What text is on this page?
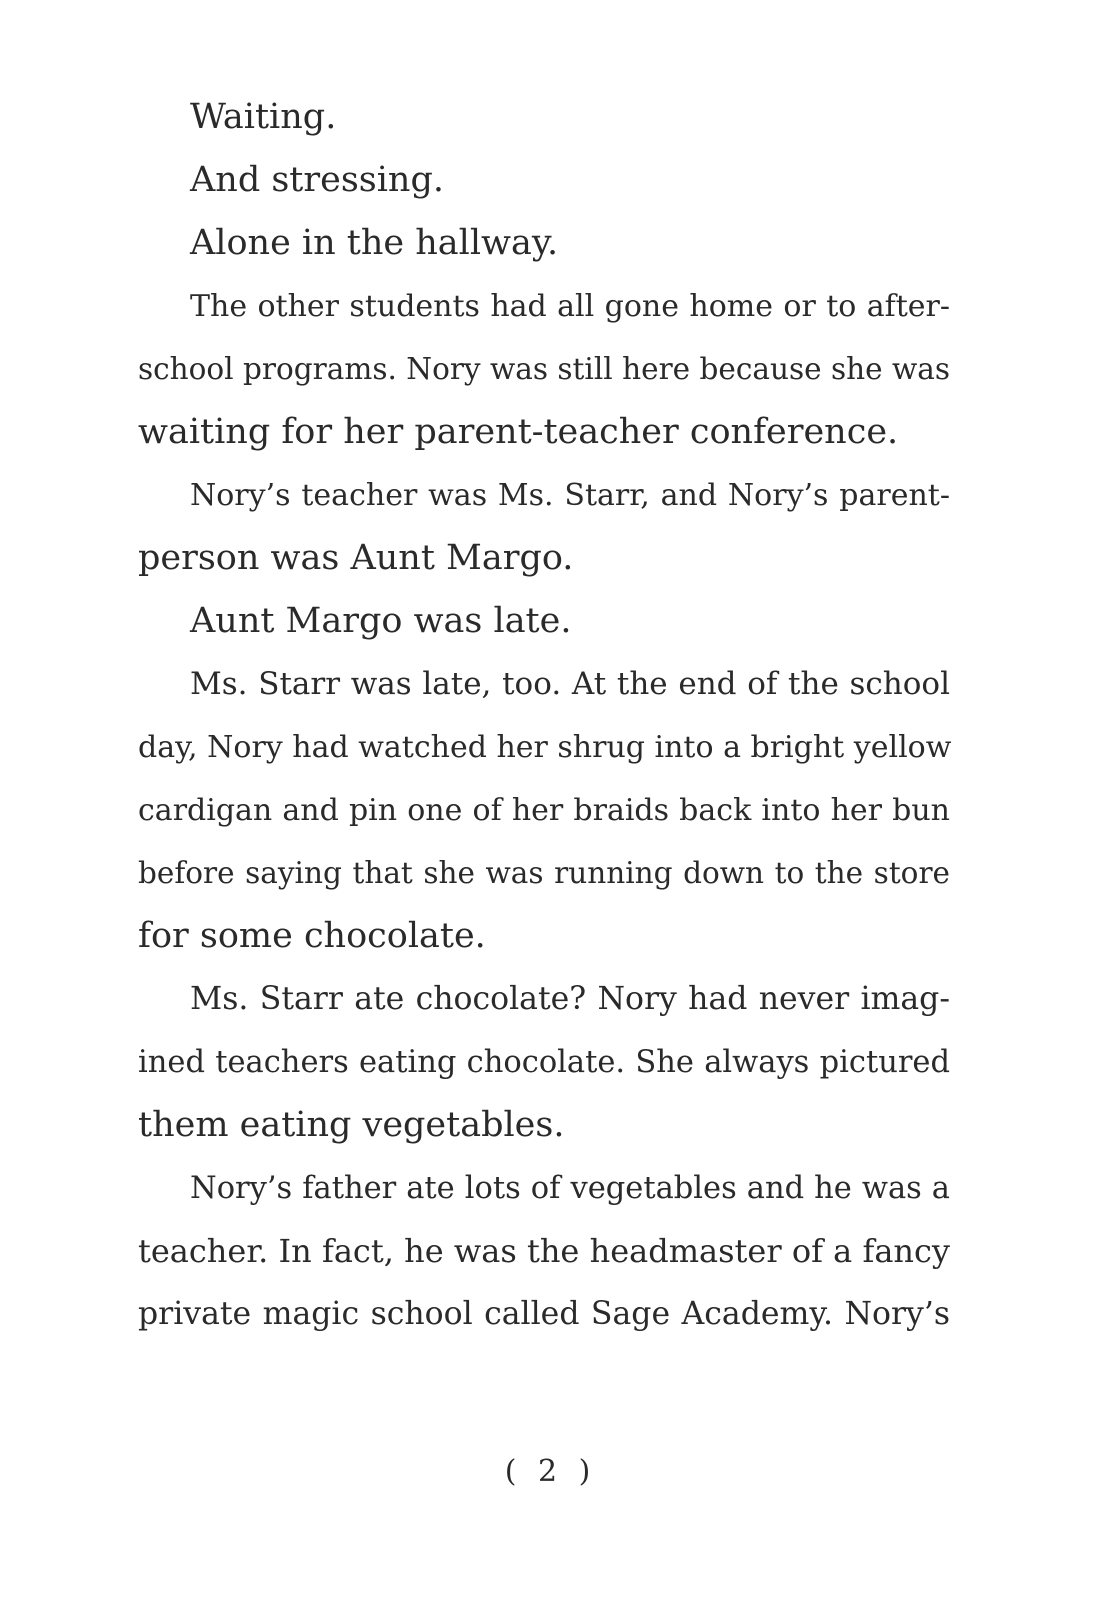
Waiting.
And stressing.
Alone in the hallway.
The other students had all gone home or to after-
school programs. Nory was still here because she was
waiting for her parent-teacher conference.
Nory’s teacher was Ms. Starr, and Nory’s parent-
person was Aunt Margo.
Aunt Margo was late.
Ms. Starr was late, too. At the end of the school
day, Nory had watched her shrug into a bright yellow
cardigan and pin one of her braids back into her bun
before saying that she was running down to the store
for some chocolate.
Ms. Starr ate chocolate? Nory had never imag-
ined teachers eating chocolate. She always pictured
them eating vegetables.
Nory’s father ate lots of vegetables and he was a
teacher. In fact, he was the headmaster of a fancy
private magic school called Sage Academy. Nory’s
( 2 )
